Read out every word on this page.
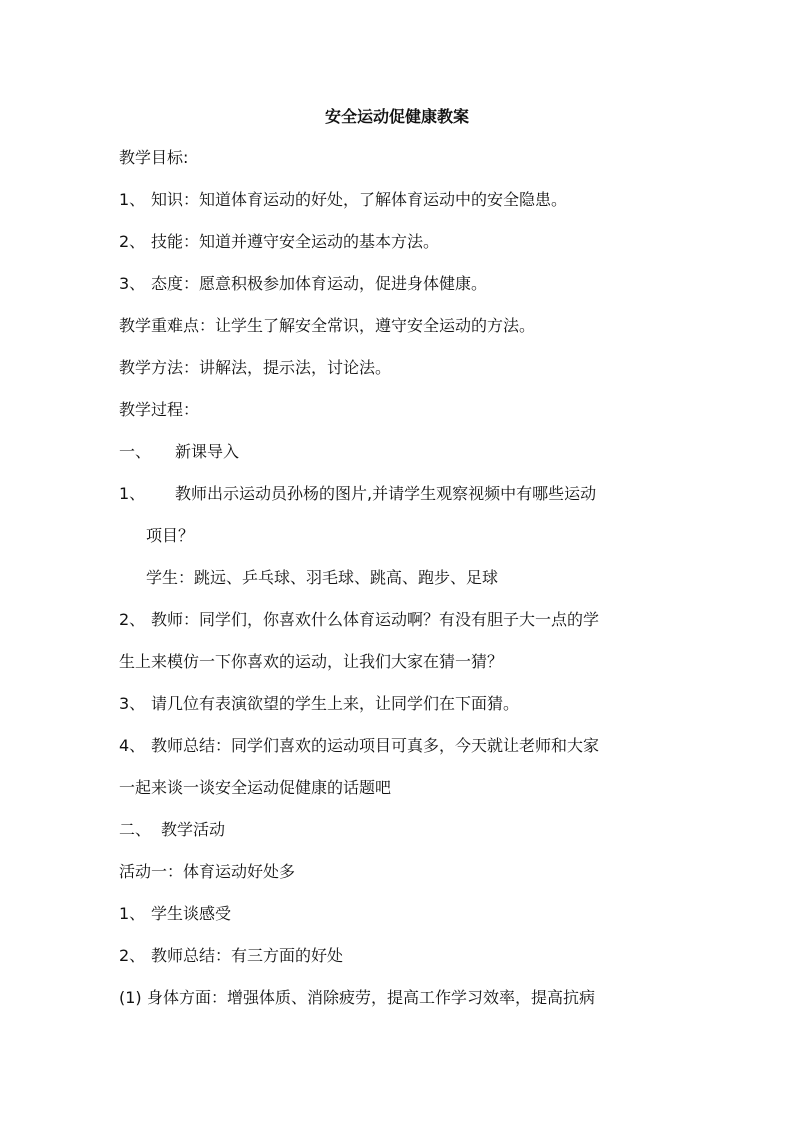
安全运动促健康教案
教学目标:
1、 知识：知道体育运动的好处，了解体育运动中的安全隐患。
2、 技能：知道并遵守安全运动的基本方法。
3、 态度：愿意积极参加体育运动，促进身体健康。
教学重难点：让学生了解安全常识，遵守安全运动的方法。
教学方法：讲解法，提示法，讨论法。
教学过程：
一、 新课导入
1、 教师出示运动员孙杨的图片,并请学生观察视频中有哪些运动
项目？
学生：跳远、乒乓球、羽毛球、跳高、跑步、足球
2、 教师：同学们，你喜欢什么体育运动啊？有没有胆子大一点的学
生上来模仿一下你喜欢的运动，让我们大家在猜一猜？
3、 请几位有表演欲望的学生上来，让同学们在下面猜。
4、 教师总结：同学们喜欢的运动项目可真多，今天就让老师和大家
一起来谈一谈安全运动促健康的话题吧
二、 教学活动
活动一：体育运动好处多
1、 学生谈感受
2、 教师总结：有三方面的好处
(1) 身体方面：增强体质、消除疲劳，提高工作学习效率，提高抗病
